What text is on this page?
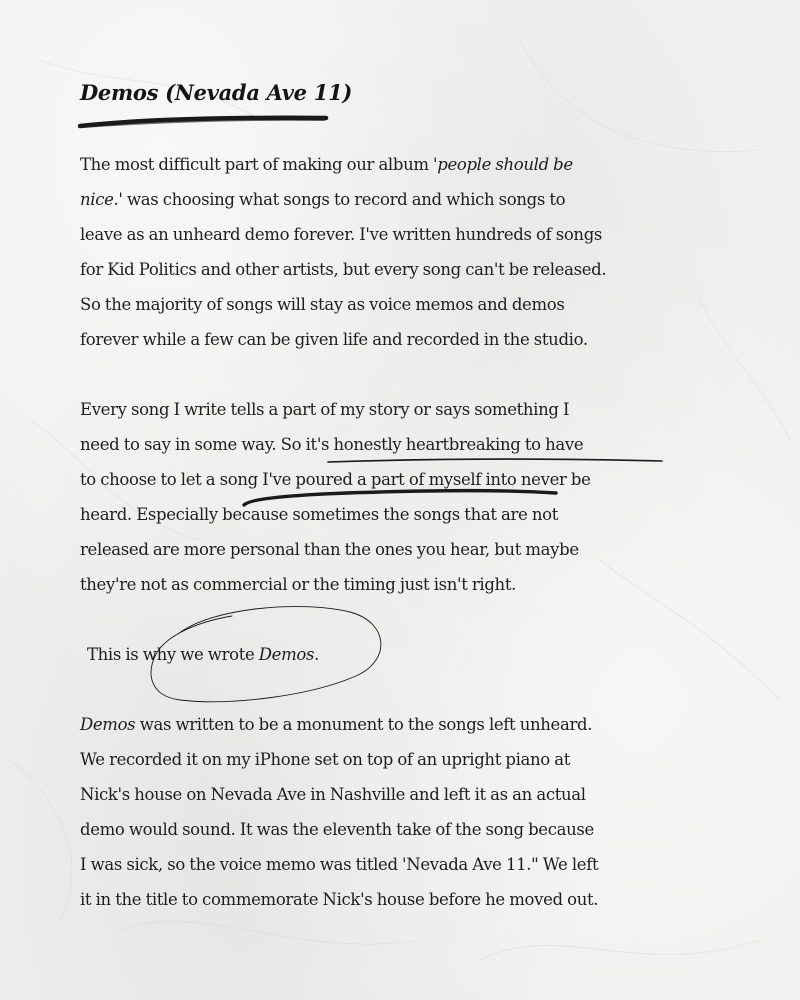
Demos (Nevada Ave 11)

The most difficult part of making our album 'people should be
nice.' was choosing what songs to record and which songs to
leave as an unheard demo forever. I've written hundreds of songs
for Kid Politics and other artists, but every song can't be released.
So the majority of songs will stay as voice memos and demos
forever while a few can be given life and recorded in the studio.

Every song I write tells a part of my story or says something I
need to say in some way. So it's honestly heartbreaking to have
to choose to let a song I've poured a part of myself into never be
heard. Especially because sometimes the songs that are not
released are more personal than the ones you hear, but maybe
they're not as commercial or the timing just isn't right.

This is why we wrote Demos.

Demos was written to be a monument to the songs left unheard.
We recorded it on my iPhone set on top of an upright piano at
Nick's house on Nevada Ave in Nashville and left it as an actual
demo would sound. It was the eleventh take of the song because
I was sick, so the voice memo was titled 'Nevada Ave 11." We left
it in the title to commemorate Nick's house before he moved out.
